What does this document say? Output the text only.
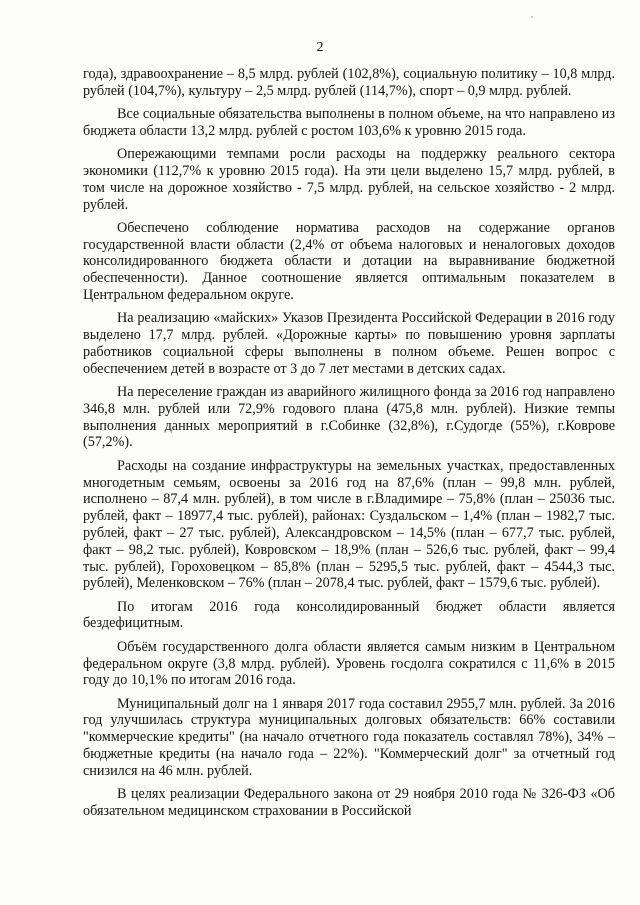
2

года), здравоохранение – 8,5 млрд. рублей (102,8%), социальную политику – 10,8 млрд. рублей (104,7%), культуру – 2,5 млрд. рублей (114,7%), спорт – 0,9 млрд. рублей.

Все социальные обязательства выполнены в полном объеме, на что направлено из бюджета области 13,2 млрд. рублей с ростом 103,6% к уровню 2015 года.

Опережающими темпами росли расходы на поддержку реального сектора экономики (112,7% к уровню 2015 года). На эти цели выделено 15,7 млрд. рублей, в том числе на дорожное хозяйство - 7,5 млрд. рублей, на сельское хозяйство - 2 млрд. рублей.

Обеспечено соблюдение норматива расходов на содержание органов государственной власти области (2,4% от объема налоговых и неналоговых доходов консолидированного бюджета области и дотации на выравнивание бюджетной обеспеченности). Данное соотношение является оптимальным показателем в Центральном федеральном округе.

На реализацию «майских» Указов Президента Российской Федерации в 2016 году выделено 17,7 млрд. рублей. «Дорожные карты» по повышению уровня зарплаты работников социальной сферы выполнены в полном объеме. Решен вопрос с обеспечением детей в возрасте от 3 до 7 лет местами в детских садах.

На переселение граждан из аварийного жилищного фонда за 2016 год направлено 346,8 млн. рублей или 72,9% годового плана (475,8 млн. рублей). Низкие темпы выполнения данных мероприятий в г.Собинке (32,8%), г.Судогде (55%), г.Коврове (57,2%).

Расходы на создание инфраструктуры на земельных участках, предоставленных многодетным семьям, освоены за 2016 год на 87,6% (план – 99,8 млн. рублей, исполнено – 87,4 млн. рублей), в том числе в г.Владимире – 75,8% (план – 25036 тыс. рублей, факт – 18977,4 тыс. рублей), районах: Суздальском – 1,4% (план – 1982,7 тыс. рублей, факт – 27 тыс. рублей), Александровском – 14,5% (план – 677,7 тыс. рублей, факт – 98,2 тыс. рублей), Ковровском – 18,9% (план – 526,6 тыс. рублей, факт – 99,4 тыс. рублей), Гороховецком – 85,8% (план – 5295,5 тыс. рублей, факт – 4544,3 тыс. рублей), Меленковском – 76% (план – 2078,4 тыс. рублей, факт – 1579,6 тыс. рублей).

По итогам 2016 года консолидированный бюджет области является бездефицитным.

Объём государственного долга области является самым низким в Центральном федеральном округе (3,8 млрд. рублей). Уровень госдолга сократился с 11,6% в 2015 году до 10,1% по итогам 2016 года.

Муниципальный долг на 1 января 2017 года составил 2955,7 млн. рублей. За 2016 год улучшилась структура муниципальных долговых обязательств: 66% составили "коммерческие кредиты" (на начало отчетного года показатель составлял 78%), 34% – бюджетные кредиты (на начало года – 22%). "Коммерческий долг" за отчетный год снизился на 46 млн. рублей.

В целях реализации Федерального закона от 29 ноября 2010 года № 326-ФЗ «Об обязательном медицинском страховании в Российской
